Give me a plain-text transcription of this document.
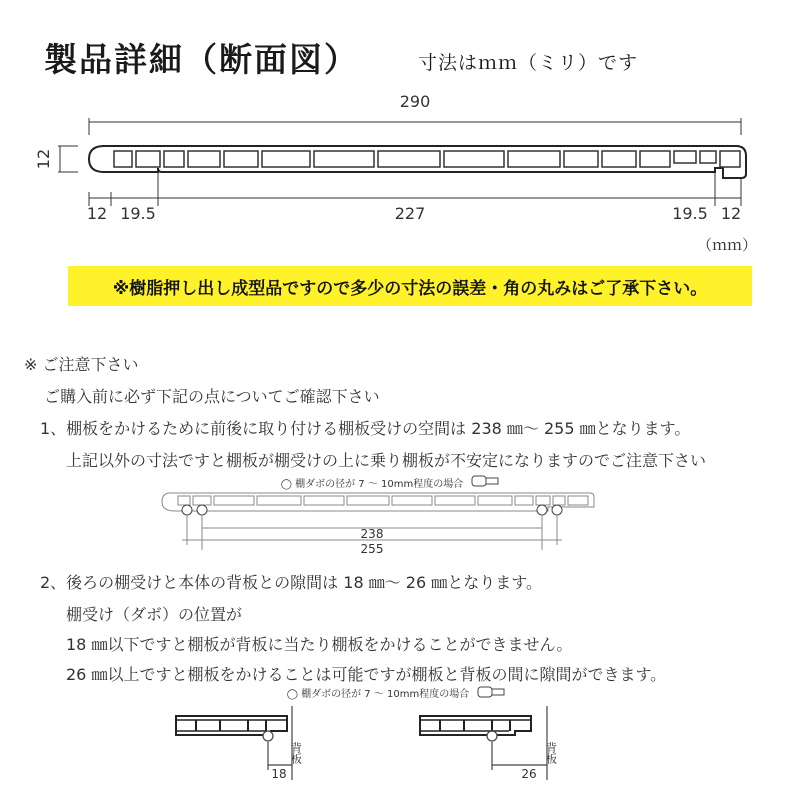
製品詳細（断面図）	寸法はｍｍ（ミリ）です
290
12
12 19.5	227	19.5 12
（ｍｍ）
◯ 棚ダボの径が 7 ～ 10mm程度の場合
238
255
◯ 棚ダボの径が 7 ～ 10mm程度の場合
背板
18
背板
26
※樹脂押し出し成型品ですので多少の寸法の誤差・角の丸みはご了承下さい。
※ ご注意下さい
ご購入前に必ず下記の点についてご確認下さい
1、棚板をかけるために前後に取り付ける棚板受けの空間は 238 ㎜～ 255 ㎜となります。
上記以外の寸法ですと棚板が棚受けの上に乗り棚板が不安定になりますのでご注意下さい
2、後ろの棚受けと本体の背板との隙間は 18 ㎜～ 26 ㎜となります。
棚受け（ダボ）の位置が
18 ㎜以下ですと棚板が背板に当たり棚板をかけることができません。
26 ㎜以上ですと棚板をかけることは可能ですが棚板と背板の間に隙間ができます。
